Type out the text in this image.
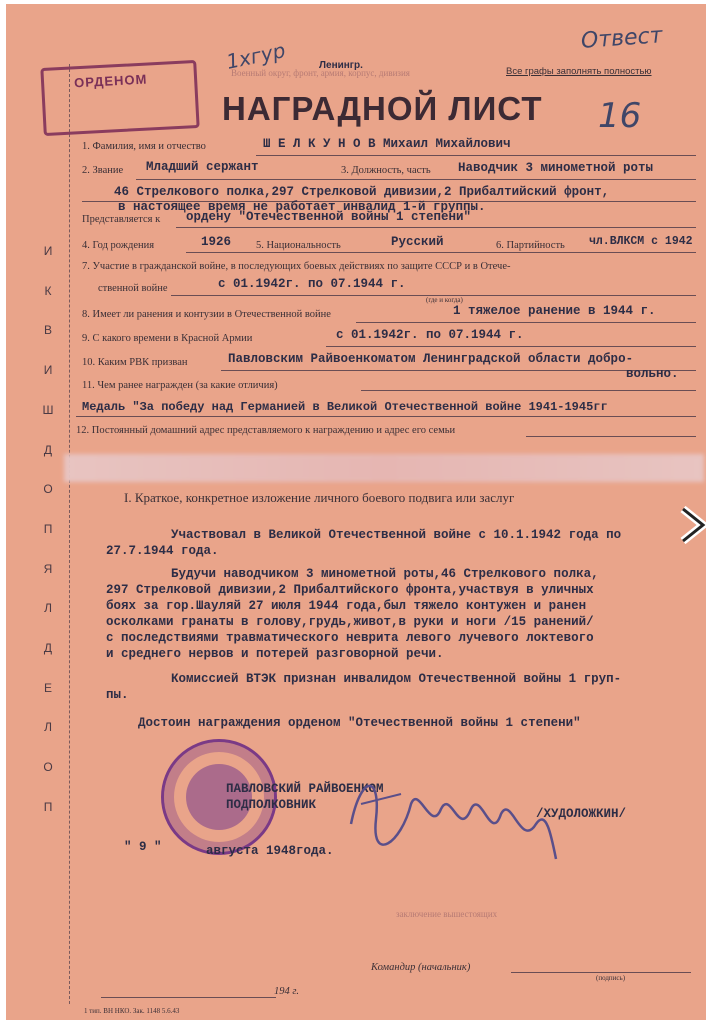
И
К
В
И
Ш
Д
О
П
Я
Л
Д
Е
Л
О
П
ОРДЕНОМ
1хгур	Ленингр.
Военный округ, фронт, армия, корпус, дивизия	Все графы заполнять полностью
Отвест
16
НАГРАДНОЙ ЛИСТ
1. Фамилия, имя и отчество	Ш Е Л К У Н О В Михаил Михайлович
2. Звание Младший сержант	3. Должность, часть Наводчик 3 минометной роты
46 Стрелкового полка,297 Стрелковой дивизии,2 Прибалтийский фронт,
в настоящее время не работает инвалид 1-й группы.
Представляется к ордену "Отечественной войны 1 степени"
4. Год рождения	1926 5. Национальность	Русский	6. Партийность чл.ВЛКСМ с 1942
7. Участие в гражданской войне, в последующих боевых действиях по защите СССР и в Отече-
ственной войне	с 01.1942г. по 07.1944 г.
(где и когда)
8. Имеет ли ранения и контузии в Отечественной войне	1 тяжелое ранение в 1944 г.
9. С какого времени в Красной Армии	с 01.1942г. по 07.1944 г.
10. Каким РВК призван	Павловским Райвоенкоматом Ленинградской области добро-
вольно.
11. Чем ранее награжден (за какие отличия)
Медаль "За победу над Германией в Великой Отечественной войне 1941-1945гг
12. Постоянный домашний адрес представляемого к награждению и адрес его семьи
I. Краткое, конкретное изложение личного боевого подвига или заслуг
Участвовал в Великой Отечественной войне с 10.1.1942 года по
27.7.1944 года.
Будучи наводчиком 3 минометной роты,46 Стрелкового полка,
297 Стрелковой дивизии,2 Прибалтийского фронта,участвуя в уличных
боях за гор.Шауляй 27 июля 1944 года,был тяжело контужен и ранен
осколками гранаты в голову,грудь,живот,в руки и ноги /15 ранений/
с последствиями травматического неврита левого лучевого локтевого
и среднего нервов и потерей разговорной речи.
Комиссией ВТЭК признан инвалидом Отечественной войны 1 груп-
пы.
Достоин награждения орденом "Отечественной войны 1 степени"
ПАВЛОВСКИЙ РАЙВОЕНКОМ
ПОДПОЛКОВНИК
/ХУДОЛОЖКИН/
" 9 "	августа 1948 года.
заключение вышестоящих
Командир (начальник)
(подпись)
194 г.
1 тип. ВН НКО. Зак. 1148 5.6.43
